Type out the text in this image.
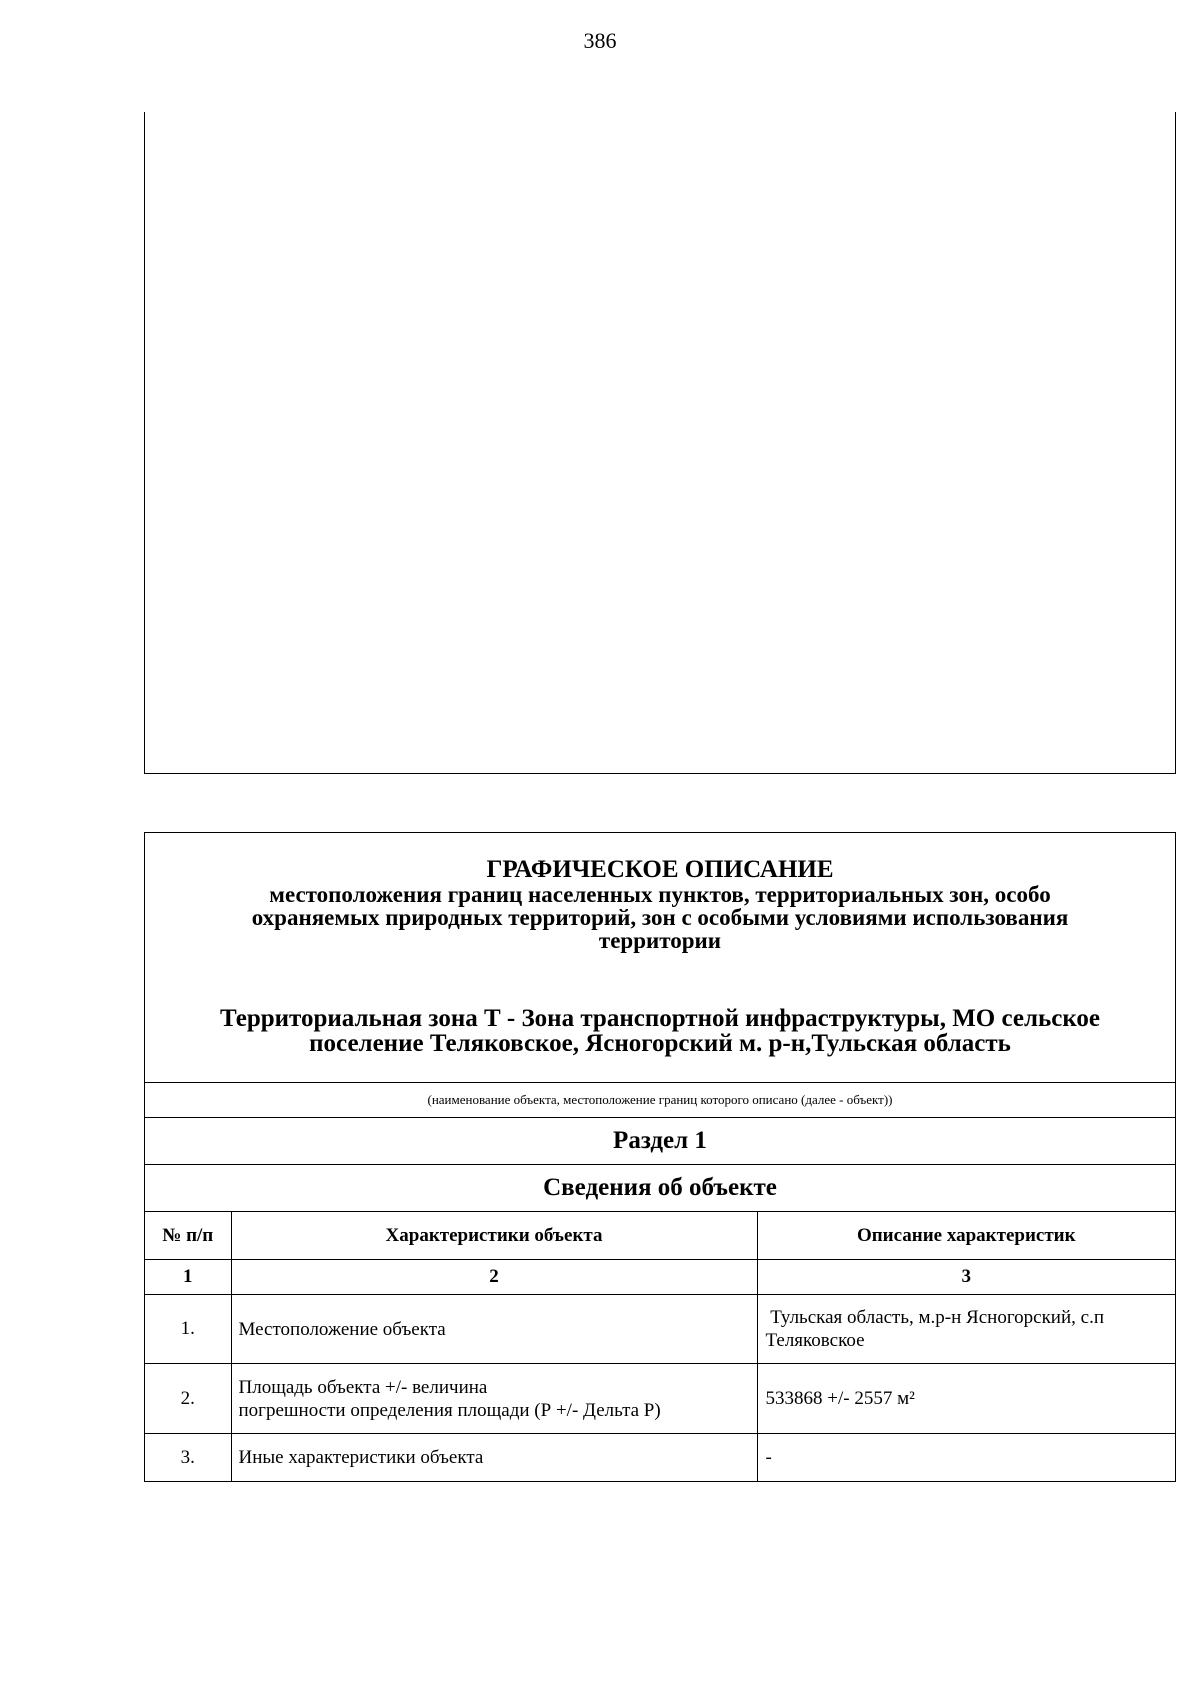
386
ГРАФИЧЕСКОЕ ОПИСАНИЕ
местоположения границ населенных пунктов, территориальных зон, особо
охраняемых природных территорий, зон с особыми условиями использования
территории
Территориальная зона Т - Зона транспортной инфраструктуры, МО сельское
поселение Теляковское, Ясногорский м. р-н,Тульская область
(наименование объекта, местоположение границ которого описано (далее - объект))
Раздел 1
Сведения об объекте
№ п/п	Характеристики объекта	Описание характеристик
1	2	3
1.	Местоположение объекта	Тульская область, м.р-н Ясногорский, с.п
Теляковское

2.	Площадь объекта +/- величина
погрешности определения площади (Р +/- Дельта Р)	533868 +/- 2557 м²

3.	Иные характеристики объекта	-
